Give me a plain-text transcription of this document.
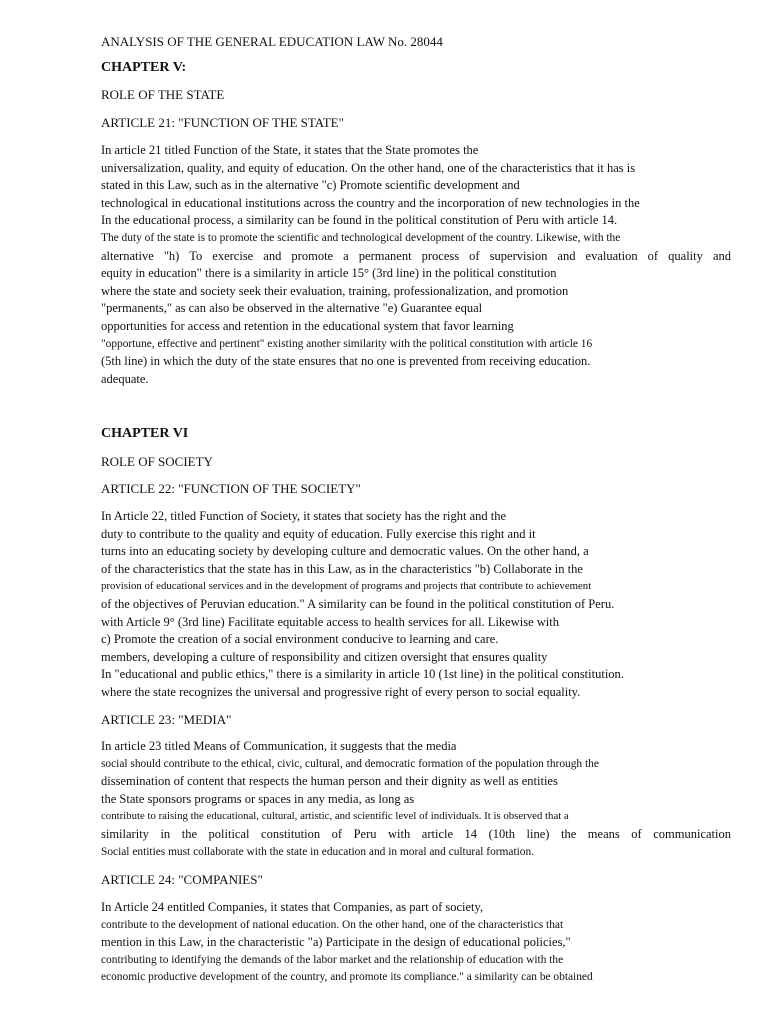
ANALYSIS OF THE GENERAL EDUCATION LAW No. 28044

CHAPTER V:

ROLE OF THE STATE

ARTICLE 21: "FUNCTION OF THE STATE"

In article 21 titled Function of the State, it states that the State promotes the
universalization, quality, and equity of education. On the other hand, one of the characteristics that it has is
stated in this Law, such as in the alternative "c) Promote scientific development and
technological in educational institutions across the country and the incorporation of new technologies in the
In the educational process, a similarity can be found in the political constitution of Peru with article 14.
The duty of the state is to promote the scientific and technological development of the country. Likewise, with the
alternative "h) To exercise and promote a permanent process of supervision and evaluation of quality and
equity in education" there is a similarity in article 15° (3rd line) in the political constitution
where the state and society seek their evaluation, training, professionalization, and promotion
"permanents," as can also be observed in the alternative "e) Guarantee equal
opportunities for access and retention in the educational system that favor learning
"opportune, effective and pertinent" existing another similarity with the political constitution with article 16
(5th line) in which the duty of the state ensures that no one is prevented from receiving education.
adequate.

CHAPTER VI

ROLE OF SOCIETY

ARTICLE 22: "FUNCTION OF THE SOCIETY"

In Article 22, titled Function of Society, it states that society has the right and the
duty to contribute to the quality and equity of education. Fully exercise this right and it
turns into an educating society by developing culture and democratic values. On the other hand, a
of the characteristics that the state has in this Law, as in the characteristics "b) Collaborate in the
provision of educational services and in the development of programs and projects that contribute to achievement
of the objectives of Peruvian education." A similarity can be found in the political constitution of Peru.
with Article 9° (3rd line) Facilitate equitable access to health services for all. Likewise with
c) Promote the creation of a social environment conducive to learning and care.
members, developing a culture of responsibility and citizen oversight that ensures quality
In "educational and public ethics," there is a similarity in article 10 (1st line) in the political constitution.
where the state recognizes the universal and progressive right of every person to social equality.

ARTICLE 23: "MEDIA"

In article 23 titled Means of Communication, it suggests that the media
social should contribute to the ethical, civic, cultural, and democratic formation of the population through the
dissemination of content that respects the human person and their dignity as well as entities
the State sponsors programs or spaces in any media, as long as
contribute to raising the educational, cultural, artistic, and scientific level of individuals. It is observed that a
similarity in the political constitution of Peru with article 14 (10th line) the means of communication
Social entities must collaborate with the state in education and in moral and cultural formation.

ARTICLE 24: "COMPANIES"

In Article 24 entitled Companies, it states that Companies, as part of society,
contribute to the development of national education. On the other hand, one of the characteristics that
mention in this Law, in the characteristic "a) Participate in the design of educational policies,"
contributing to identifying the demands of the labor market and the relationship of education with the
economic productive development of the country, and promote its compliance." a similarity can be obtained
